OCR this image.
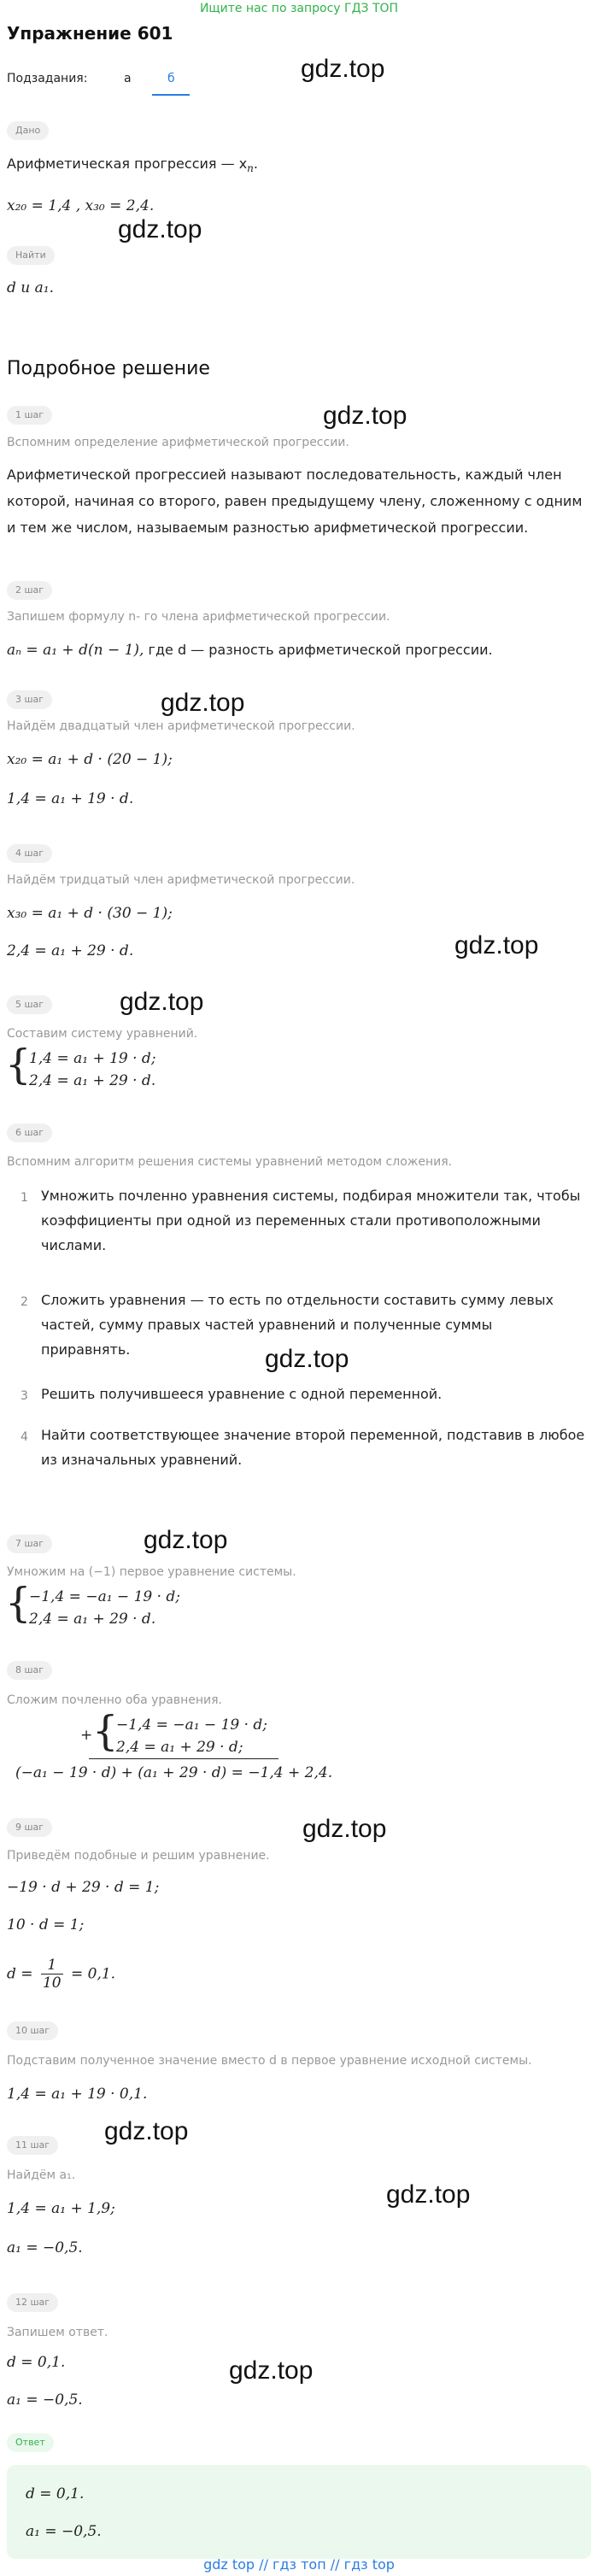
Ищите нас по запросу ГДЗ ТОП
Упражнение 601
Подзадания:	а	б
Дано
Арифметическая прогрессия — $x_n$.
x₂₀ = 1,4 , x₃₀ = 2,4.
Найти
d и a₁.
Подробное решение
1 шаг
Вспомним определение арифметической прогрессии.
Арифметической прогрессией называют последовательность, каждый член которой, начиная со второго, равен предыдущему члену, сложенному с одним и тем же числом, называемым разностью арифметической прогрессии.
2 шаг
Запишем формулу n- го члена арифметической прогрессии.
aₙ = a₁ + d(n − 1), где d — разность арифметической прогрессии.
3 шаг
Найдём двадцатый член арифметической прогрессии.
x₂₀ = a₁ + d · (20 − 1);
1,4 = a₁ + 19 · d.
4 шаг
Найдём тридцатый член арифметической прогрессии.
x₃₀ = a₁ + d · (30 − 1);
2,4 = a₁ + 29 · d.
5 шаг
Составим систему уравнений.
{
1,4 = a₁ + 19 · d;
2,4 = a₁ + 29 · d.
6 шаг
Вспомним алгоритм решения системы уравнений методом сложения.
1 Умножить почленно уравнения системы, подбирая множители так, чтобы
коэффициенты при одной из переменных стали противоположными
числами.
2 Сложить уравнения — то есть по отдельности составить сумму левых
частей, сумму правых частей уравнений и полученные суммы
приравнять.
3 Решить получившееся уравнение с одной переменной.
4 Найти соответствующее значение второй переменной, подставив в любое
из изначальных уравнений.
7 шаг
Умножим на (−1) первое уравнение системы.
{
−1,4 = −a₁ − 19 · d;
2,4 = a₁ + 29 · d.
8 шаг
Сложим почленно оба уравнения.
+ {
−1,4 = −a₁ − 19 · d;
2,4 = a₁ + 29 · d;
(−a₁ − 19 · d) + (a₁ + 29 · d) = −1,4 + 2,4.
9 шаг
Приведём подобные и решим уравнение.
−19 · d + 29 · d = 1;
10 · d = 1;
$d = \frac{1}{10} = 0,1$.
10 шаг
Подставим полученное значение вместо d в первое уравнение исходной системы.
1,4 = a₁ + 19 · 0,1.
11 шаг
Найдём a₁.
1,4 = a₁ + 1,9;
a₁ = −0,5.
12 шаг
Запишем ответ.
d = 0,1.
a₁ = −0,5.
Ответ
d = 0,1.
a₁ = −0,5.
gdz.top
gdz.top
gdz.top
gdz.top
gdz.top
gdz.top
gdz.top
gdz.top
gdz.top
gdz.top
gdz.top
gdz.top
gdz top // гдз топ // гдз top
